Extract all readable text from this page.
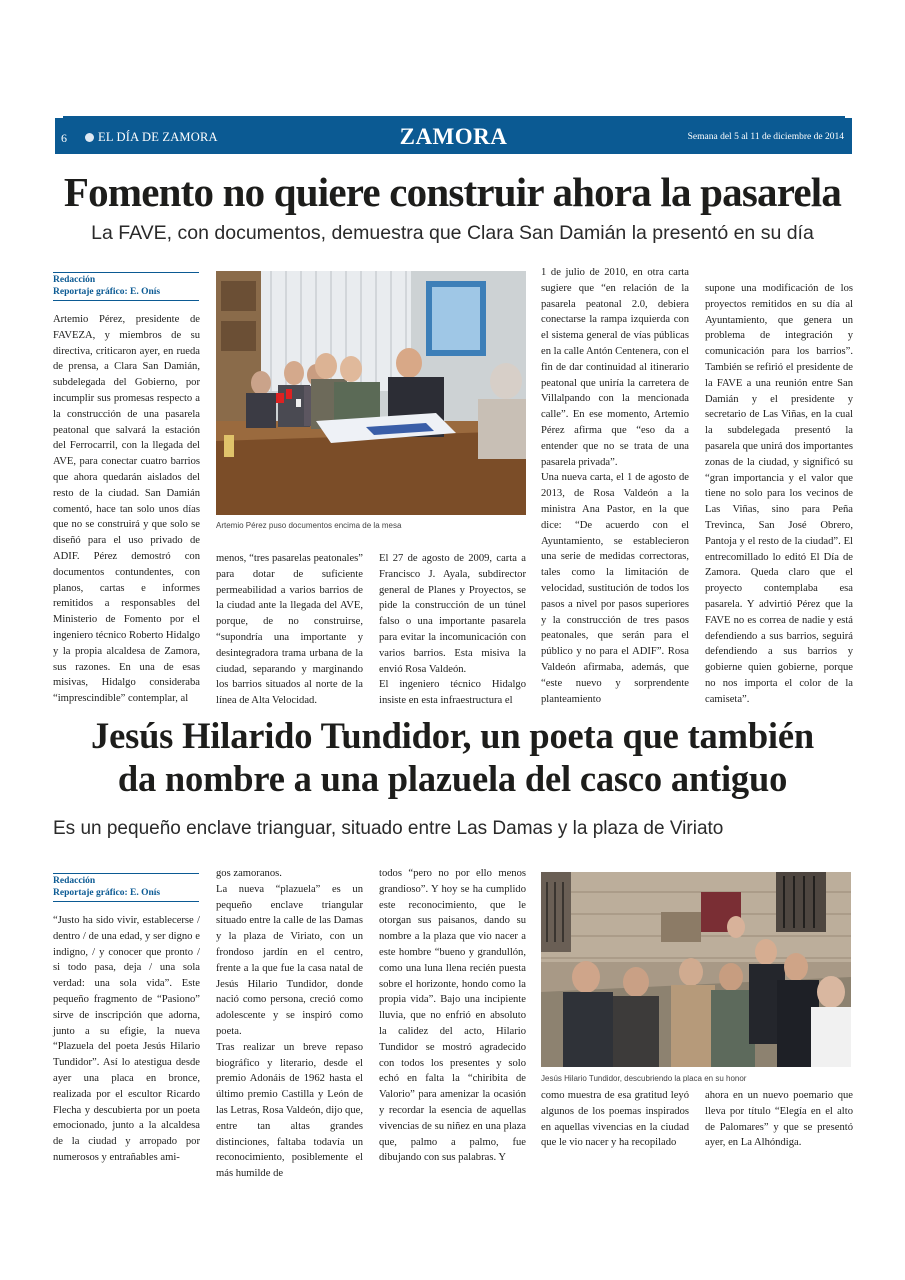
6 EL DÍA DE ZAMORA	ZAMORA	Semana del 5 al 11 de diciembre de 2014
Fomento no quiere construir ahora la pasarela
La FAVE, con documentos, demuestra que Clara San Damián la presentó en su día
Redacción
Reportaje gráfico: E. Onís

Artemio Pérez, presidente de FAVEZA, y miembros de su directiva, criticaron ayer, en rueda de prensa, a Clara San Damián, subdelegada del Gobierno, por incumplir sus promesas respecto a la construcción de una pasarela peatonal que salvará la estación del Ferrocarril, con la llegada del AVE, para conectar cuatro barrios que ahora quedarán aislados del resto de la ciudad. San Damián comentó, hace tan solo unos días que no se construirá y que solo se diseñó para el uso privado de ADIF. Pérez demostró con documentos contundentes, con planos, cartas e informes remitidos a responsables del Ministerio de Fomento por el ingeniero técnico Roberto Hidalgo y la propia alcaldesa de Zamora, sus razones. En una de esas misivas, Hidalgo consideraba “imprescindible” contemplar, al

Artemio Pérez puso documentos encima de la mesa

menos, “tres pasarelas peatonales” para dotar de suficiente permeabilidad a varios barrios de la ciudad ante la llegada del AVE, porque, de no construirse, “supondría una importante y desintegradora trama urbana de la ciudad, separando y marginando los barrios situados al norte de la línea de Alta Velocidad.

El 27 de agosto de 2009, carta a Francisco J. Ayala, subdirector general de Planes y Proyectos, se pide la construcción de un túnel falso o una importante pasarela para evitar la incomunicación con varios barrios. Esta misiva la envió Rosa Valdeón.

El ingeniero técnico Hidalgo insiste en esta infraestructura el

1 de julio de 2010, en otra carta sugiere que “en relación de la pasarela peatonal 2.0, debiera conectarse la rampa izquierda con el sistema general de vías públicas en la calle Antón Centenera, con el fin de dar continuidad al itinerario peatonal que uniría la carretera de Villalpando con la mencionada calle”. En ese momento, Artemio Pérez afirma que “eso da a entender que no se trata de una pasarela privada”.

Una nueva carta, el 1 de agosto de 2013, de Rosa Valdeón a la ministra Ana Pastor, en la que dice: “De acuerdo con el Ayuntamiento, se establecieron una serie de medidas correctoras, tales como la limitación de velocidad, sustitución de todos los pasos a nivel por pasos superiores y la construcción de tres pasos peatonales, que serán para el público y no para el ADIF”. Rosa Valdeón afirmaba, además, que “este nuevo y sorprendente planteamiento

supone una modificación de los proyectos remitidos en su día al Ayuntamiento, que genera un problema de integración y comunicación para los barrios”. También se refirió el presidente de la FAVE a una reunión entre San Damián y el presidente y secretario de Las Viñas, en la cual la subdelegada presentó la pasarela que unirá dos importantes zonas de la ciudad, y significó su “gran importancia y el valor que tiene no solo para los vecinos de Las Viñas, sino para Peña Trevinca, San José Obrero, Pantoja y el resto de la ciudad”. El entrecomillado lo editó El Día de Zamora. Queda claro que el proyecto contemplaba esa pasarela. Y advirtió Pérez que la FAVE no es correa de nadie y está defendiendo a sus barrios, seguirá defendiendo a sus barrios y gobierne quien gobierne, porque no nos importa el color de la camiseta”.

Jesús Hilarido Tundidor, un poeta que también
da nombre a una plazuela del casco antiguo
Es un pequeño enclave trianguar, situado entre Las Damas y la plaza de Viriato
Redacción
Reportaje gráfico: E. Onís

“Justo ha sido vivir, establecerse / dentro / de una edad, y ser digno e indigno, / y conocer que pronto / si todo pasa, deja / una sola verdad: una sola vida”. Este pequeño fragmento de “Pasiono” sirve de inscripción que adorna, junto a su efigie, la nueva “Plazuela del poeta Jesús Hilario Tundidor”. Así lo atestigua desde ayer una placa en bronce, realizada por el escultor Ricardo Flecha y descubierta por un poeta emocionado, junto a la alcaldesa de la ciudad y arropado por numerosos y entrañables ami-

gos zamoranos.

La nueva “plazuela” es un pequeño enclave triangular situado entre la calle de las Damas y la plaza de Viriato, con un frondoso jardín en el centro, frente a la que fue la casa natal de Jesús Hilario Tundidor, donde nació como persona, creció como adolescente y se inspiró como poeta.

Tras realizar un breve repaso biográfico y literario, desde el premio Adonáis de 1962 hasta el último premio Castilla y León de las Letras, Rosa Valdeón, dijo que, entre tan altas grandes distinciones, faltaba todavía un reconocimiento, posiblemente el más humilde de

todos “pero no por ello menos grandioso”. Y hoy se ha cumplido este reconocimiento, que le otorgan sus paisanos, dando su nombre a la plaza que vio nacer a este hombre “bueno y grandullón, como una luna llena recién puesta sobre el horizonte, hondo como la propia vida”. Bajo una incipiente lluvia, que no enfrió en absoluto la calidez del acto, Hilario Tundidor se mostró agradecido con todos los presentes y solo echó en falta la “chiribita de Valorio” para amenizar la ocasión y recordar la esencia de aquellas vivencias de su niñez en una plaza que, palmo a palmo, fue dibujando con sus palabras. Y

Jesús Hilario Tundidor, descubriendo la placa en su honor

como muestra de esa gratitud leyó algunos de los poemas inspirados en aquellas vivencias en la ciudad que le vio nacer y ha recopilado

ahora en un nuevo poemario que lleva por título “Elegía en el alto de Palomares” y que se presentó ayer, en La Alhóndiga.
